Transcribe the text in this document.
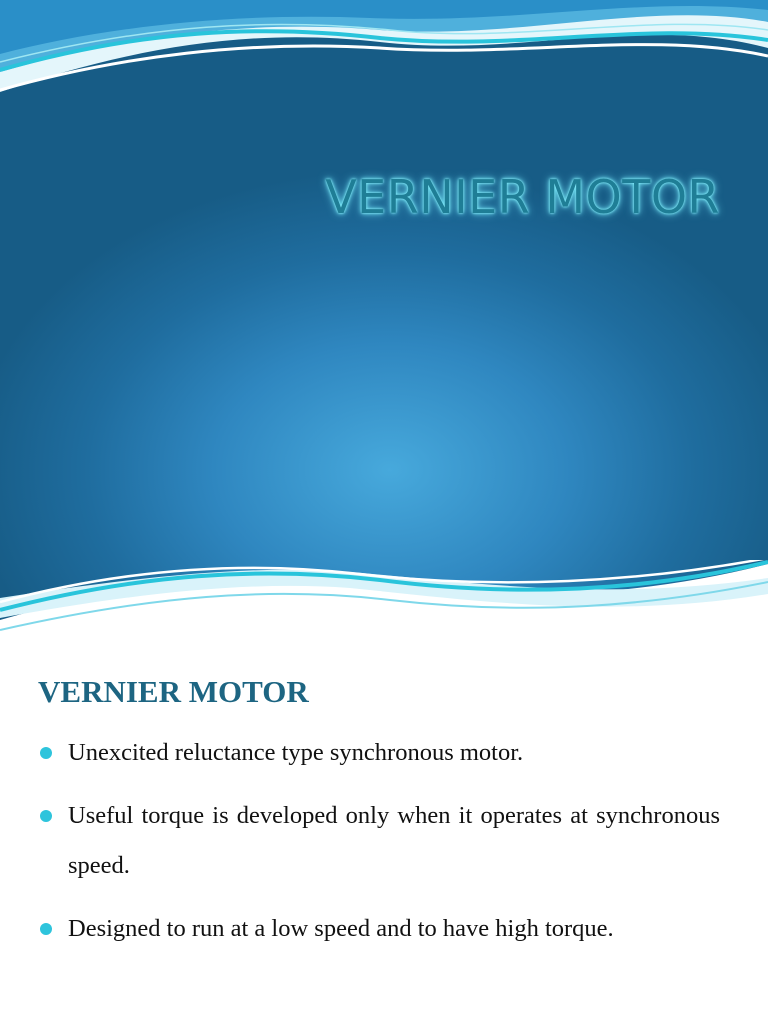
VERNIER MOTOR
VERNIER MOTOR
Unexcited reluctance type synchronous motor.
Useful torque is developed only when it operates at synchronous speed.
Designed to run at a low speed and to have high torque.
